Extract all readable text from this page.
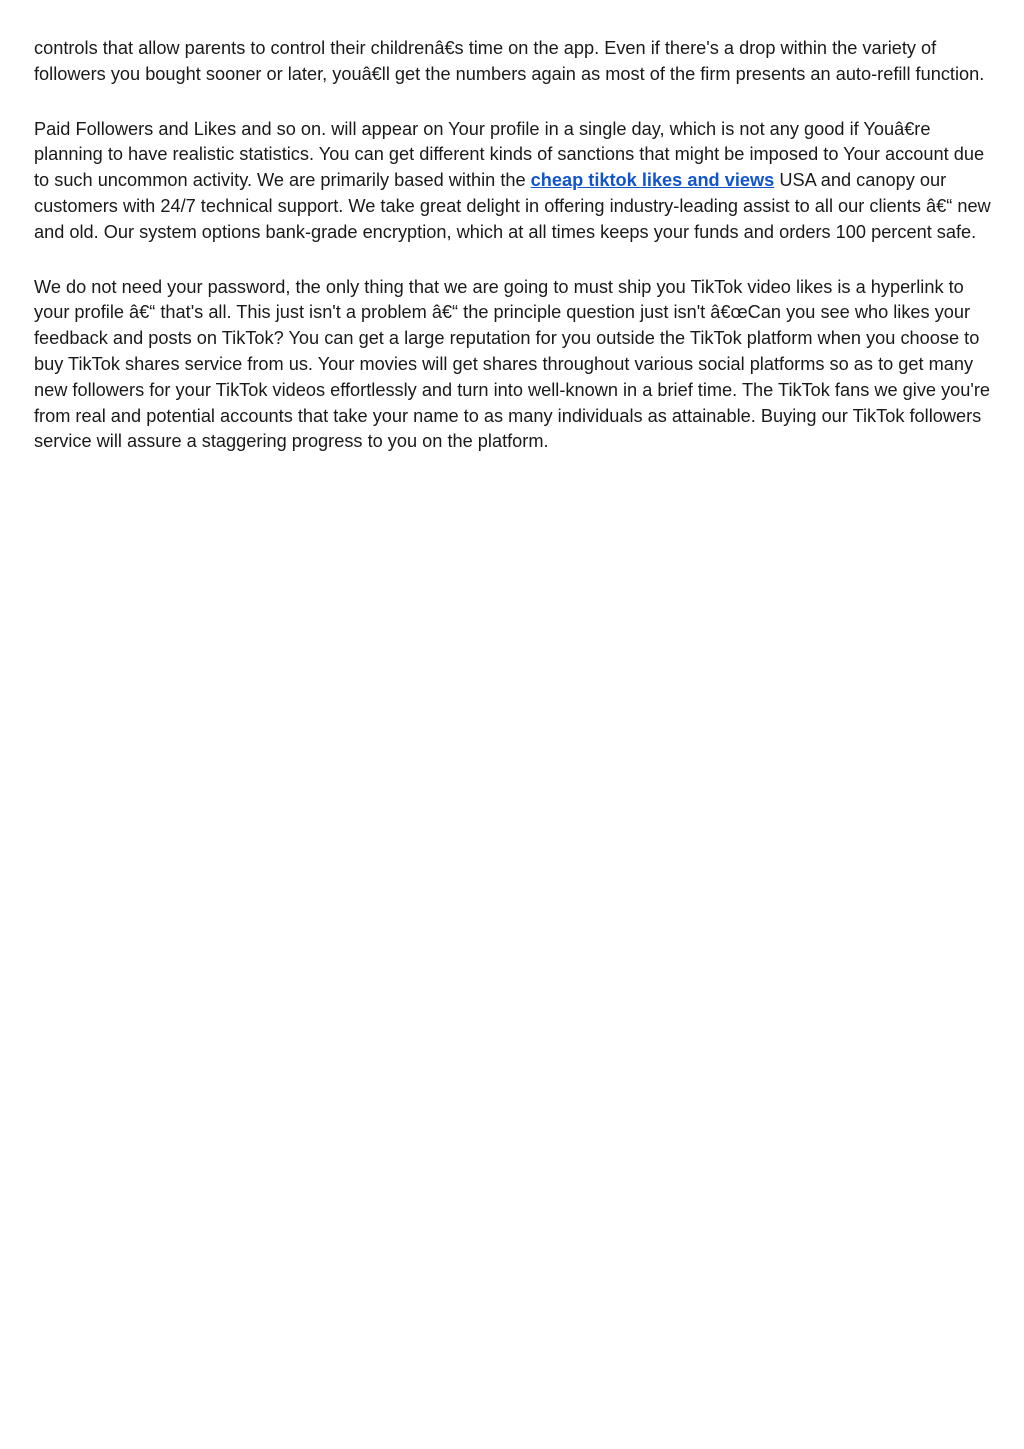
controls that allow parents to control their childrenâ€s time on the app. Even if there's a drop within the variety of followers you bought sooner or later, youâ€ll get the numbers again as most of the firm presents an auto-refill function.

Paid Followers and Likes and so on. will appear on Your profile in a single day, which is not any good if Youâ€re planning to have realistic statistics. You can get different kinds of sanctions that might be imposed to Your account due to such uncommon activity. We are primarily based within the cheap tiktok likes and views USA and canopy our customers with 24/7 technical support. We take great delight in offering industry-leading assist to all our clients â€“ new and old. Our system options bank-grade encryption, which at all times keeps your funds and orders 100 percent safe.

We do not need your password, the only thing that we are going to must ship you TikTok video likes is a hyperlink to your profile â€“ that's all. This just isn't a problem â€“ the principle question just isn't â€œCan you see who likes your feedback and posts on TikTok? You can get a large reputation for you outside the TikTok platform when you choose to buy TikTok shares service from us. Your movies will get shares throughout various social platforms so as to get many new followers for your TikTok videos effortlessly and turn into well-known in a brief time. The TikTok fans we give you're from real and potential accounts that take your name to as many individuals as attainable. Buying our TikTok followers service will assure a staggering progress to you on the platform.
